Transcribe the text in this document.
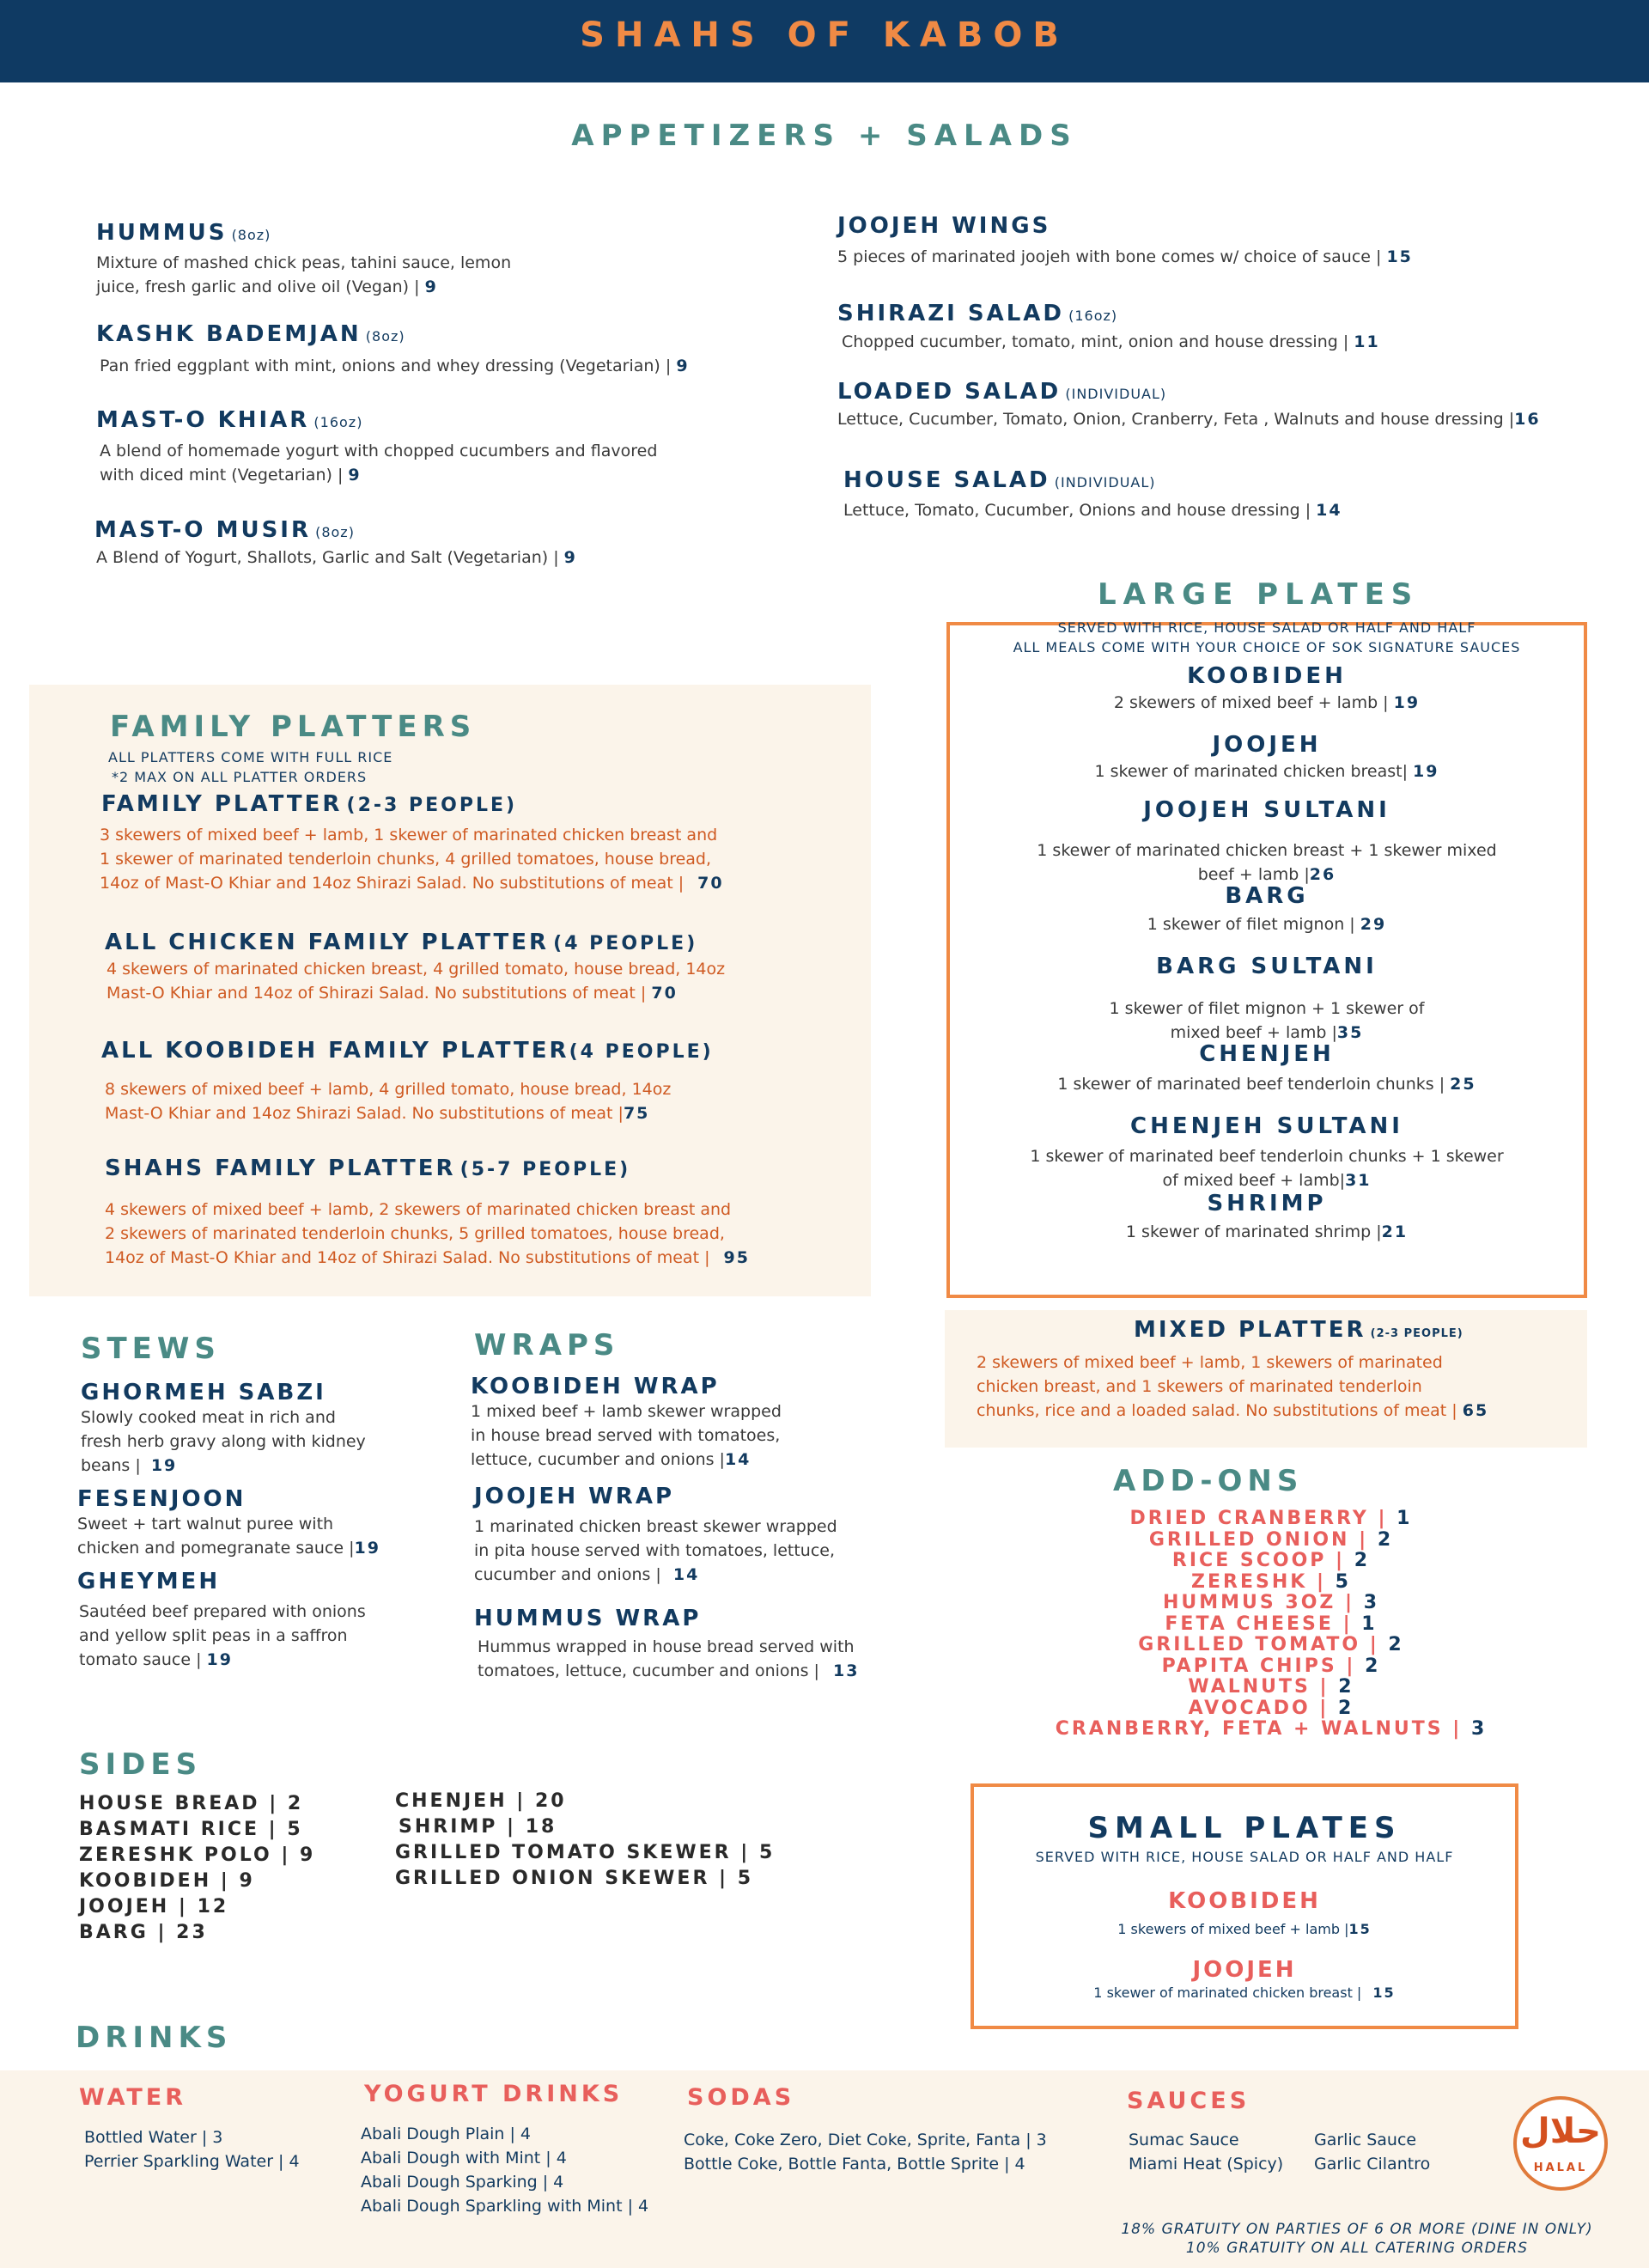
SHAHS OF KABOB
APPETIZERS + SALADS
HUMMUS (8oz)
Mixture of mashed chick peas, tahini sauce, lemon
juice, fresh garlic and olive oil (Vegan) | 9
KASHK BADEMJAN (8oz)
Pan fried eggplant with mint, onions and whey dressing (Vegetarian) | 9
MAST-O KHIAR (16oz)
A blend of homemade yogurt with chopped cucumbers and flavored
with diced mint (Vegetarian) | 9
MAST-O MUSIR (8oz)
A Blend of Yogurt, Shallots, Garlic and Salt (Vegetarian) | 9
JOOJEH WINGS
5 pieces of marinated joojeh with bone comes w/ choice of sauce | 15
SHIRAZI SALAD (16oz)
Chopped cucumber, tomato, mint, onion and house dressing | 11
LOADED SALAD (INDIVIDUAL)
Lettuce, Cucumber, Tomato, Onion, Cranberry, Feta , Walnuts and house dressing |16
HOUSE SALAD (INDIVIDUAL)
Lettuce, Tomato, Cucumber, Onions and house dressing | 14
FAMILY PLATTERS
ALL PLATTERS COME WITH FULL RICE
*2 MAX ON ALL PLATTER ORDERS
FAMILY PLATTER (2-3 PEOPLE)
3 skewers of mixed beef + lamb, 1 skewer of marinated chicken breast and
1 skewer of marinated tenderloin chunks, 4 grilled tomatoes, house bread,
14oz of Mast-O Khiar and 14oz Shirazi Salad. No substitutions of meat | 70
ALL CHICKEN FAMILY PLATTER (4 PEOPLE)
4 skewers of marinated chicken breast, 4 grilled tomato, house bread, 14oz
Mast-O Khiar and 14oz of Shirazi Salad. No substitutions of meat | 70
ALL KOOBIDEH FAMILY PLATTER(4 PEOPLE)
8 skewers of mixed beef + lamb, 4 grilled tomato, house bread, 14oz
Mast-O Khiar and 14oz Shirazi Salad. No substitutions of meat |75
SHAHS FAMILY PLATTER (5-7 PEOPLE)
4 skewers of mixed beef + lamb, 2 skewers of marinated chicken breast and
2 skewers of marinated tenderloin chunks, 5 grilled tomatoes, house bread,
14oz of Mast-O Khiar and 14oz of Shirazi Salad. No substitutions of meat | 95
LARGE PLATES
SERVED WITH RICE, HOUSE SALAD OR HALF AND HALF
ALL MEALS COME WITH YOUR CHOICE OF SOK SIGNATURE SAUCES
KOOBIDEH
2 skewers of mixed beef + lamb | 19
JOOJEH
1 skewer of marinated chicken breast| 19
JOOJEH SULTANI
1 skewer of marinated chicken breast + 1 skewer mixed
beef + lamb |26
BARG
1 skewer of filet mignon | 29
BARG SULTANI
1 skewer of filet mignon + 1 skewer of
mixed beef + lamb |35
CHENJEH
1 skewer of marinated beef tenderloin chunks | 25
CHENJEH SULTANI
1 skewer of marinated beef tenderloin chunks + 1 skewer
of mixed beef + lamb|31
SHRIMP
1 skewer of marinated shrimp |21
MIXED PLATTER (2-3 PEOPLE)
2 skewers of mixed beef + lamb, 1 skewers of marinated
chicken breast, and 1 skewers of marinated tenderloin
chunks, rice and a loaded salad. No substitutions of meat | 65
STEWS
GHORMEH SABZI
Slowly cooked meat in rich and
fresh herb gravy along with kidney
beans | 19
FESENJOON
Sweet + tart walnut puree with
chicken and pomegranate sauce |19
GHEYMEH
Sautéed beef prepared with onions
and yellow split peas in a saffron
tomato sauce | 19
WRAPS
KOOBIDEH WRAP
1 mixed beef + lamb skewer wrapped
in house bread served with tomatoes,
lettuce, cucumber and onions |14
JOOJEH WRAP
1 marinated chicken breast skewer wrapped
in pita house served with tomatoes, lettuce,
cucumber and onions | 14
HUMMUS WRAP
Hummus wrapped in house bread served with
tomatoes, lettuce, cucumber and onions | 13
ADD-ONS
DRIED CRANBERRY | 1
GRILLED ONION | 2
RICE SCOOP | 2
ZERESHK | 5
HUMMUS 3OZ | 3
FETA CHEESE | 1
GRILLED TOMATO | 2
PAPITA CHIPS | 2
WALNUTS | 2
AVOCADO | 2
CRANBERRY, FETA + WALNUTS | 3
SIDES
HOUSE BREAD | 2
BASMATI RICE | 5
ZERESHK POLO | 9
KOOBIDEH | 9
JOOJEH | 12
BARG | 23
CHENJEH | 20
SHRIMP | 18
GRILLED TOMATO SKEWER | 5
GRILLED ONION SKEWER | 5
SMALL PLATES
SERVED WITH RICE, HOUSE SALAD OR HALF AND HALF
KOOBIDEH
1 skewers of mixed beef + lamb |15
JOOJEH
1 skewer of marinated chicken breast | 15
DRINKS
WATER
Bottled Water | 3
Perrier Sparkling Water | 4
YOGURT DRINKS
Abali Dough Plain | 4
Abali Dough with Mint | 4
Abali Dough Sparking | 4
Abali Dough Sparkling with Mint | 4
SODAS
Coke, Coke Zero, Diet Coke, Sprite, Fanta | 3
Bottle Coke, Bottle Fanta, Bottle Sprite | 4
SAUCES
Sumac Sauce
Miami Heat (Spicy)
Garlic Sauce
Garlic Cilantro
حلال
HALAL
18% GRATUITY ON PARTIES OF 6 OR MORE (DINE IN ONLY)
10% GRATUITY ON ALL CATERING ORDERS
